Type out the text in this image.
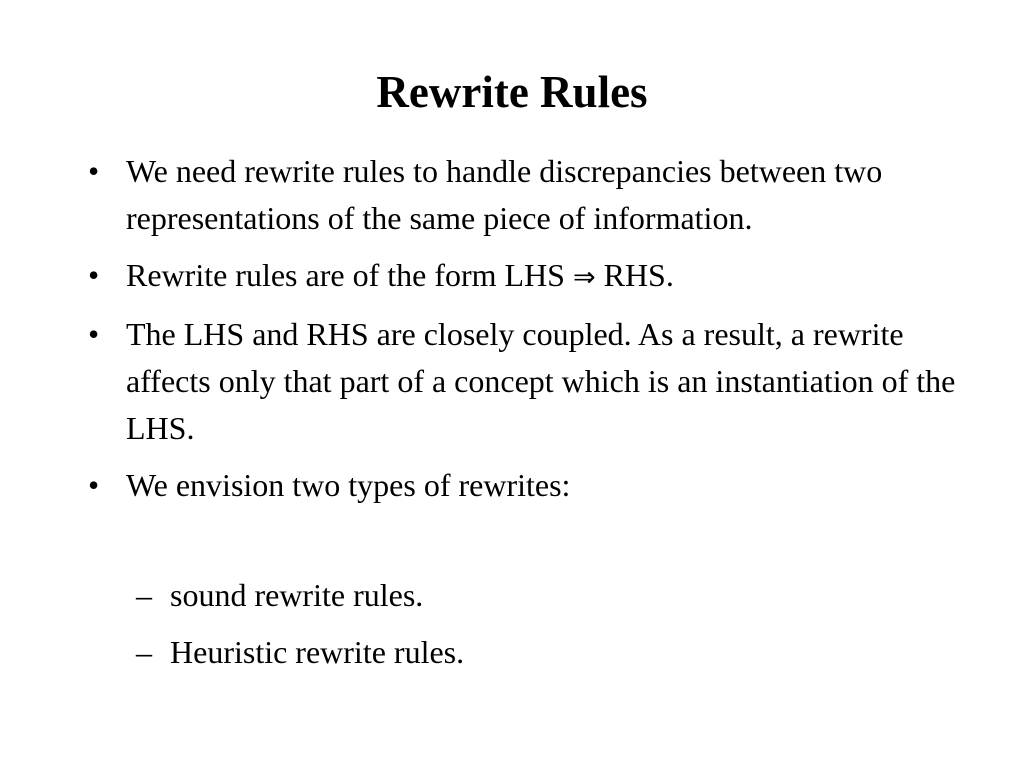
Rewrite Rules
• We need rewrite rules to handle discrepancies between two representations of the same piece of information.
• Rewrite rules are of the form LHS ⇒ RHS.
• The LHS and RHS are closely coupled. As a result, a rewrite affects only that part of a concept which is an instantiation of the LHS.
• We envision two types of rewrites:
– sound rewrite rules.
– Heuristic rewrite rules.
